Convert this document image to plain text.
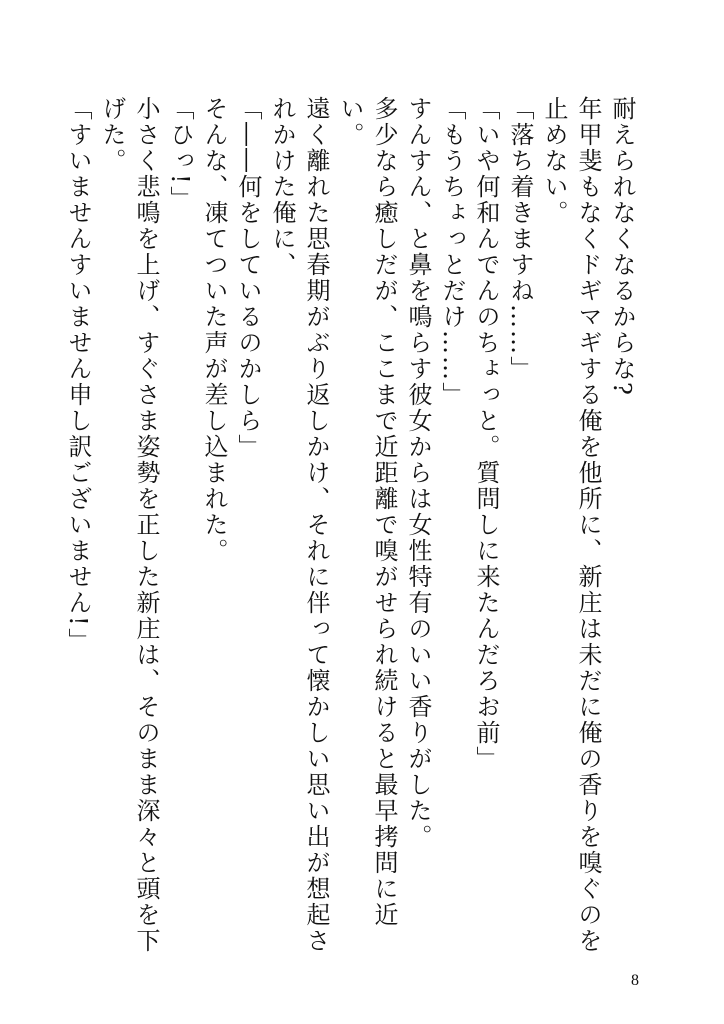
耐えられなくなるからな?

年甲斐もなくドギマギする俺を他所に、新庄は未だに俺の香りを嗅ぐのを止めない。

「落ち着きますね……」

「いや何和んでんのちょっと。質問しに来たんだろお前」

「もうちょっとだけ……」

すんすん、と鼻を鳴らす彼女からは女性特有のいい香りがした。

多少なら癒しだが、ここまで近距離で嗅がせられ続けると最早拷問に近い。

遠く離れた思春期がぶり返しかけ、それに伴って懐かしい思い出が想起されかけた俺に、

「――何をしているのかしら」

そんな、凍てついた声が差し込まれた。

「ひっ!」

小さく悲鳴を上げ、すぐさま姿勢を正した新庄は、そのまま深々と頭を下げた。

「すいませんすいません申し訳ございません!」

8
